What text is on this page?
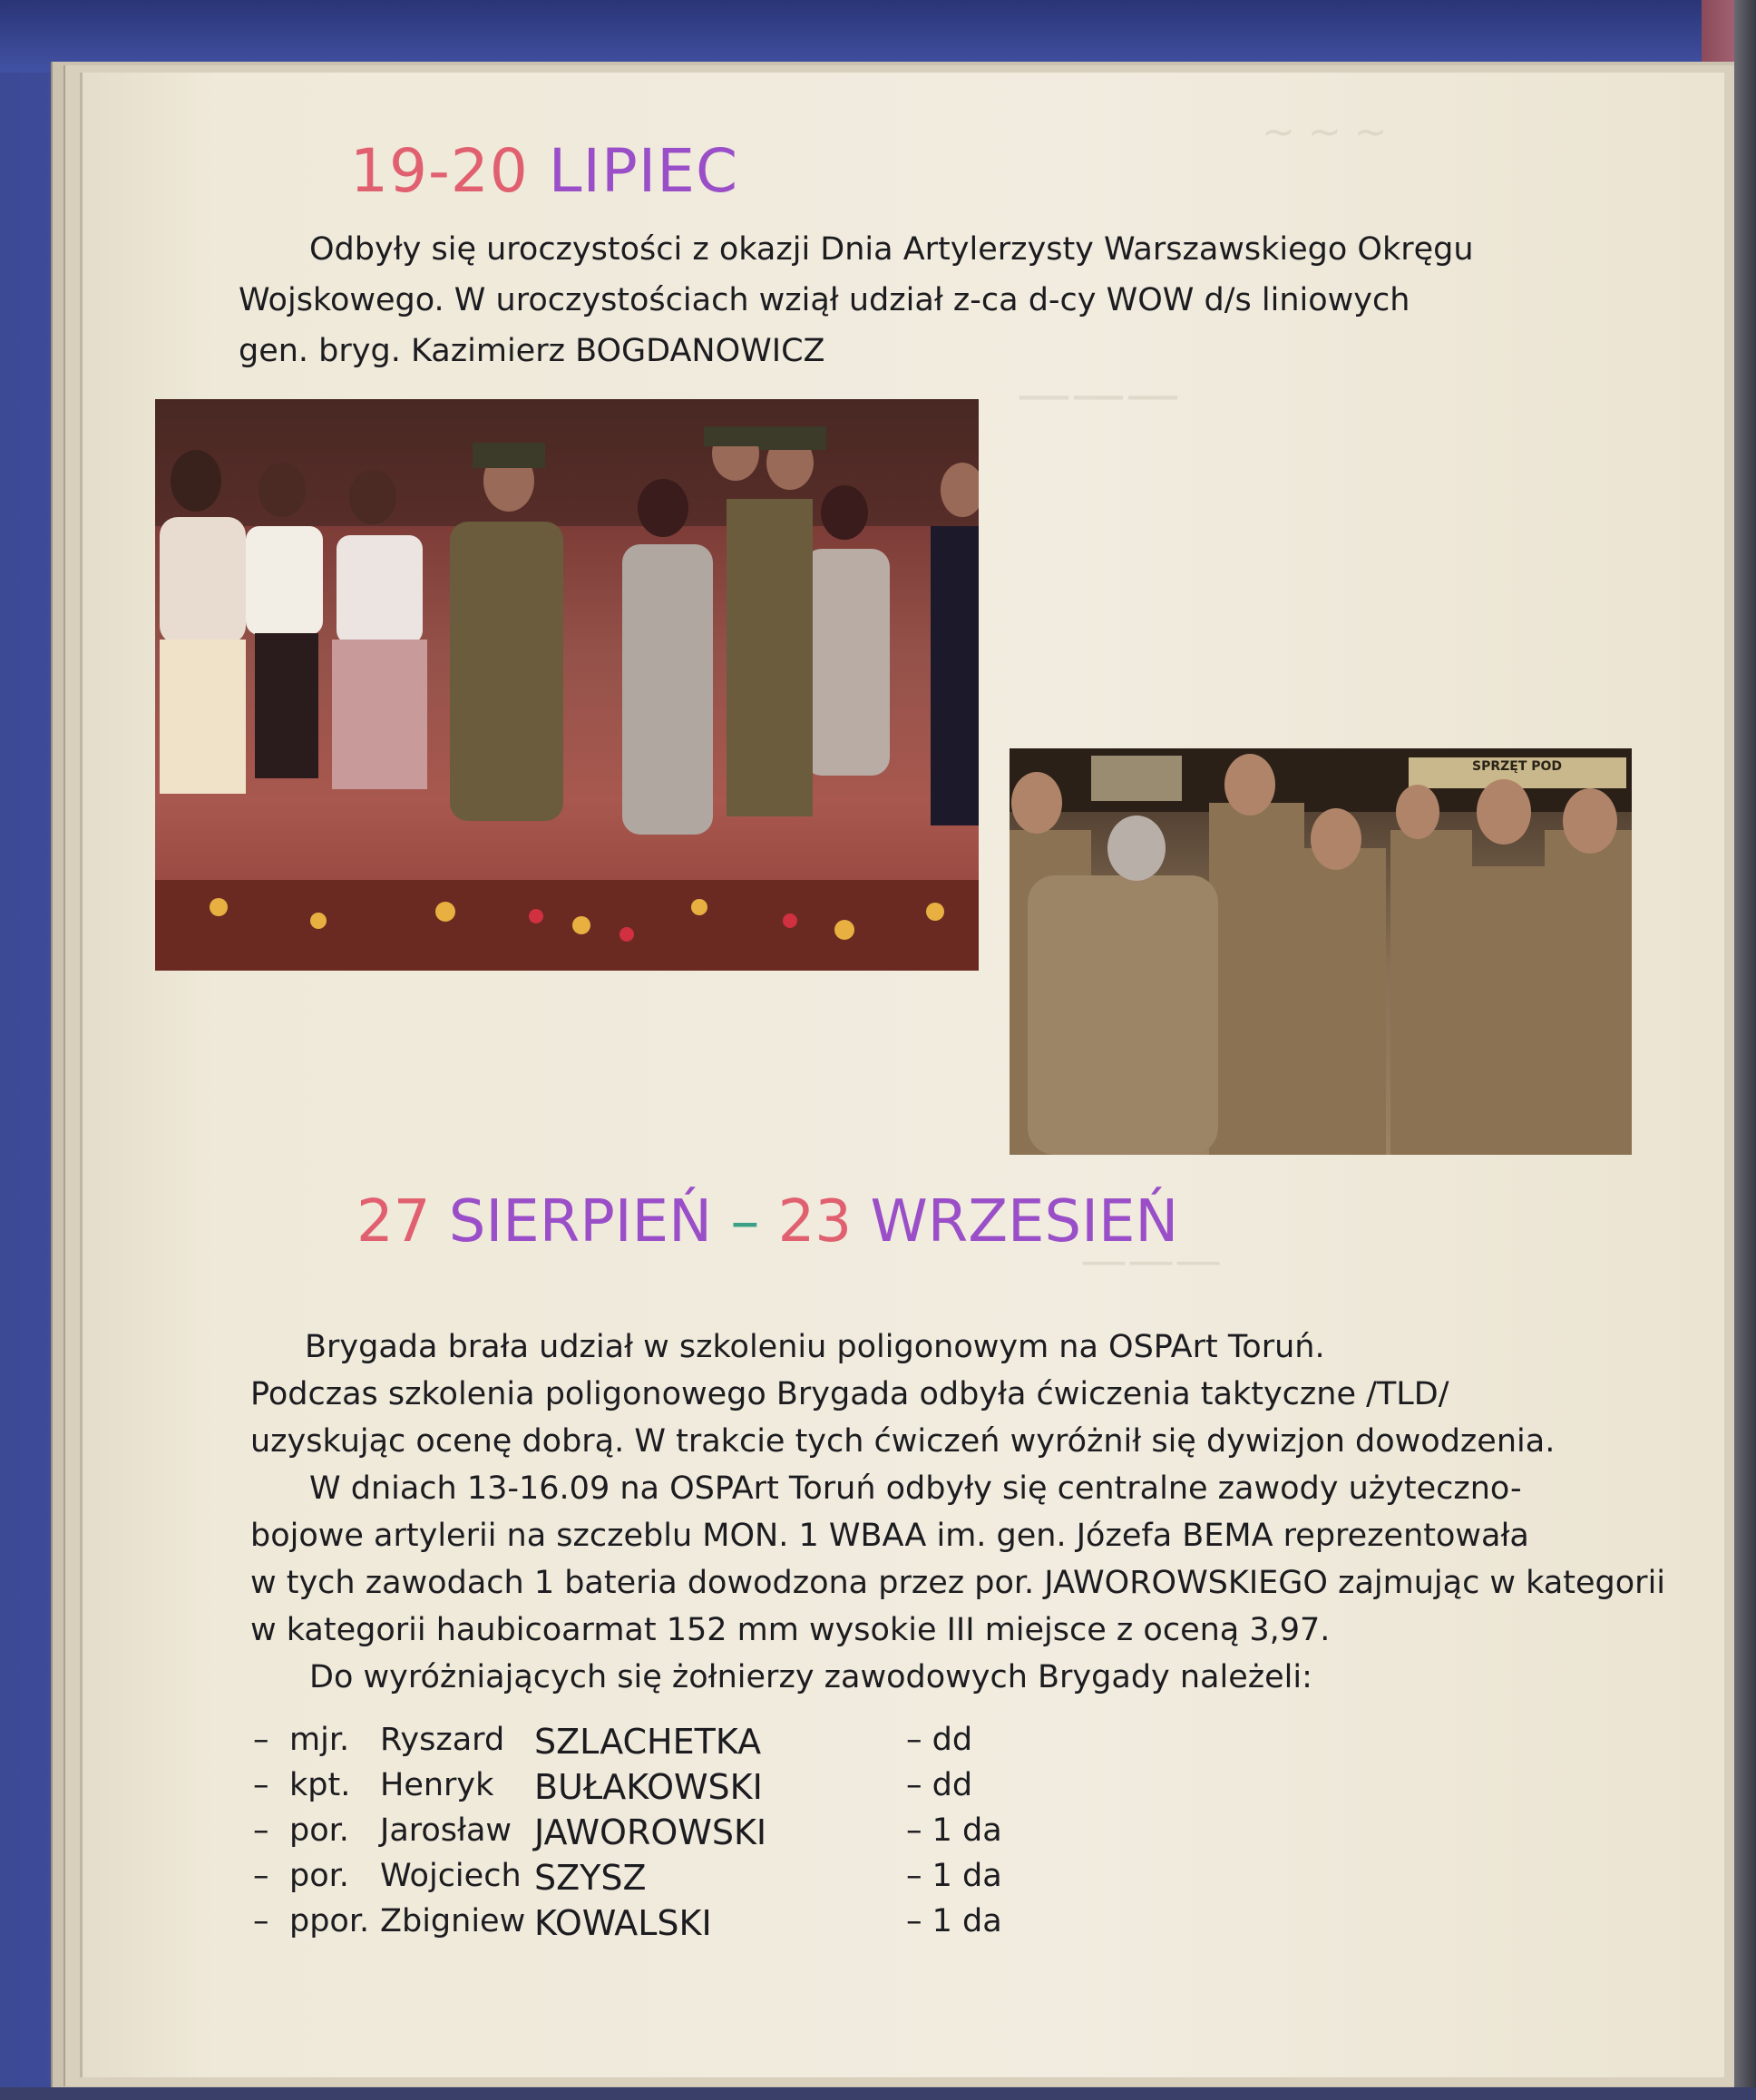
~ ~ ~
———
———
19-20 LIPIEC
Odbyły się uroczystości z okazji Dnia Artylerzysty Warszawskiego Okręgu
Wojskowego. W uroczystościach wziął udział z-ca d-cy WOW d/s liniowych
gen. bryg. Kazimierz BOGDANOWICZ
SPRZĘT POD
27 SIERPIEŃ – 23 WRZESIEŃ
Brygada brała udział w szkoleniu poligonowym na OSPArt Toruń.
Podczas szkolenia poligonowego Brygada odbyła ćwiczenia taktyczne /TLD/
uzyskując ocenę dobrą. W trakcie tych ćwiczeń wyróżnił się dywizjon dowodzenia.
W dniach 13-16.09 na OSPArt Toruń odbyły się centralne zawody użyteczno-
bojowe artylerii na szczeblu MON. 1 WBAA im. gen. Józefa BEMA reprezentowała
w tych zawodach 1 bateria dowodzona przez por. JAWOROWSKIEGO zajmując w kategorii
w kategorii haubicoarmat 152 mm wysokie III miejsce z oceną 3,97.
Do wyróżniających się żołnierzy zawodowych Brygady należeli:
– mjr. Ryszard SZLACHETKA	– dd
– kpt. Henryk BUŁAKOWSKI	– dd
– por. Jarosław JAWOROWSKI	– 1 da
– por. Wojciech SZYSZ	– 1 da
– ppor. Zbigniew KOWALSKI	– 1 da
